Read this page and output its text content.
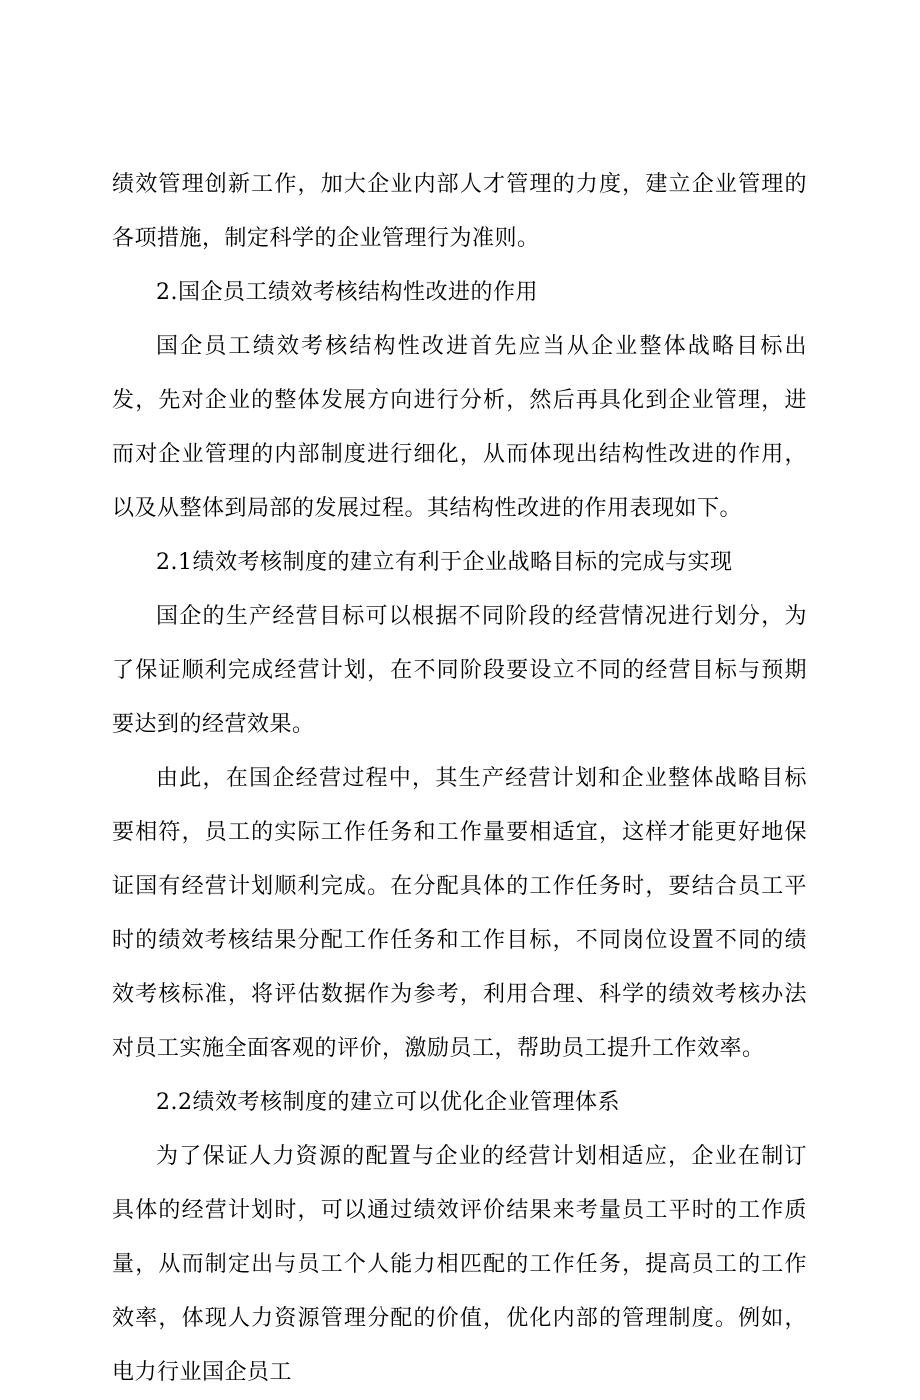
绩效管理创新工作，加大企业内部人才管理的力度，建立企业管理的各项措施，制定科学的企业管理行为准则。

2.国企员工绩效考核结构性改进的作用

国企员工绩效考核结构性改进首先应当从企业整体战略目标出发，先对企业的整体发展方向进行分析，然后再具化到企业管理，进而对企业管理的内部制度进行细化，从而体现出结构性改进的作用，以及从整体到局部的发展过程。其结构性改进的作用表现如下。

2.1绩效考核制度的建立有利于企业战略目标的完成与实现

国企的生产经营目标可以根据不同阶段的经营情况进行划分，为了保证顺利完成经营计划，在不同阶段要设立不同的经营目标与预期要达到的经营效果。

由此，在国企经营过程中，其生产经营计划和企业整体战略目标要相符，员工的实际工作任务和工作量要相适宜，这样才能更好地保证国有经营计划顺利完成。在分配具体的工作任务时，要结合员工平时的绩效考核结果分配工作任务和工作目标，不同岗位设置不同的绩效考核标准，将评估数据作为参考，利用合理、科学的绩效考核办法对员工实施全面客观的评价，激励员工，帮助员工提升工作效率。

2.2绩效考核制度的建立可以优化企业管理体系

为了保证人力资源的配置与企业的经营计划相适应，企业在制订具体的经营计划时，可以通过绩效评价结果来考量员工平时的工作质量，从而制定出与员工个人能力相匹配的工作任务，提高员工的工作效率，体现人力资源管理分配的价值，优化内部的管理制度。例如，电力行业国企员工
